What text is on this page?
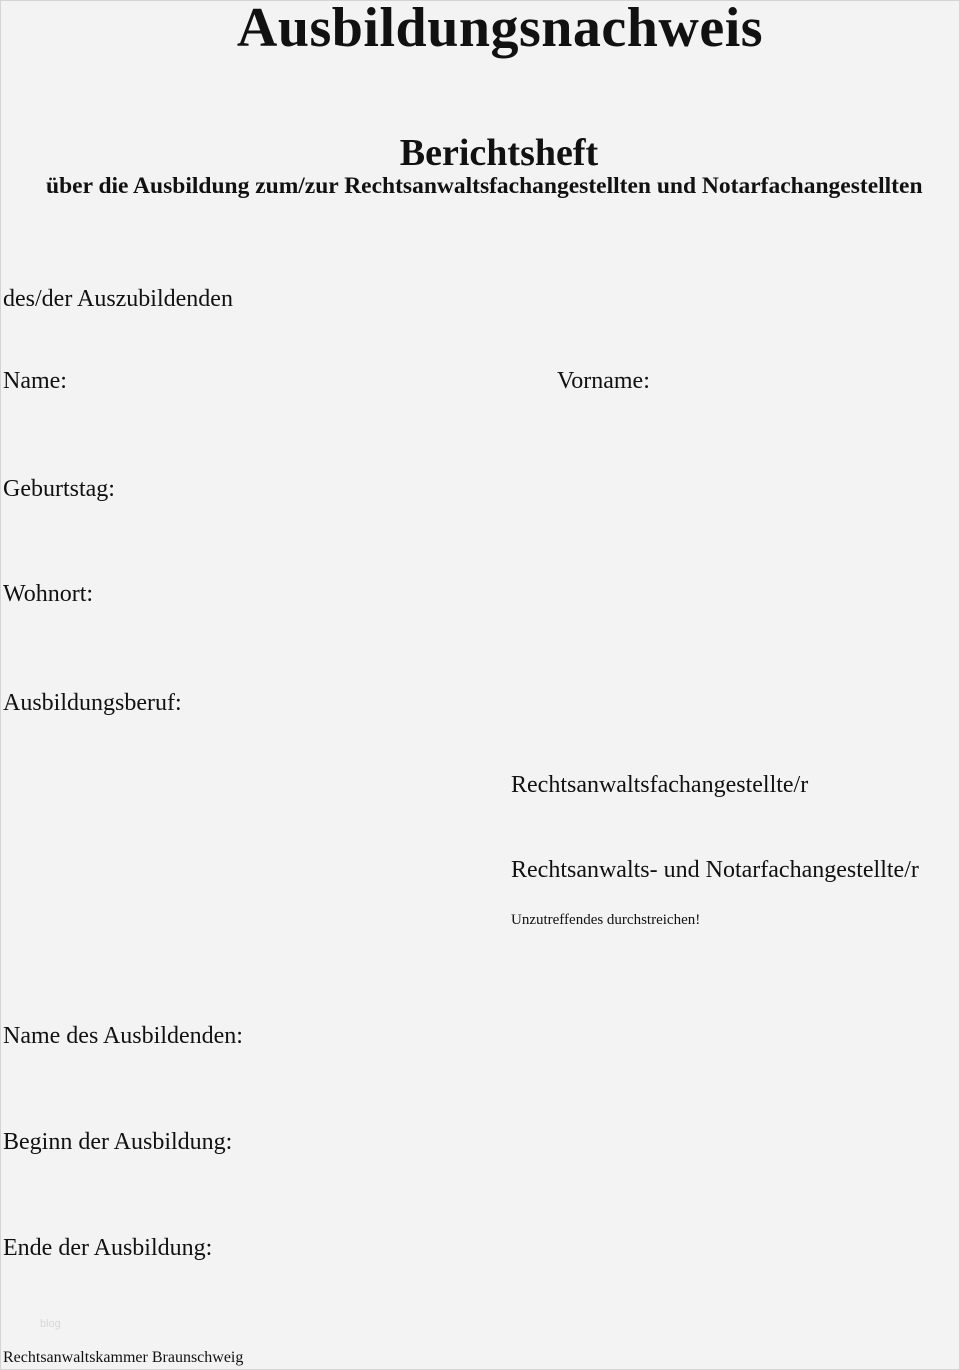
Ausbildungsnachweis
Berichtsheft
über die Ausbildung zum/zur Rechtsanwaltsfachangestellten und Notarfachangestellten
des/der Auszubildenden
Name:	Vorname:
Geburtstag:
Wohnort:
Ausbildungsberuf:
Rechtsanwaltsfachangestellte/r
Rechtsanwalts- und Notarfachangestellte/r
Unzutreffendes durchstreichen!
Name des Ausbildenden:
Beginn der Ausbildung:
Ende der Ausbildung:
blog
Rechtsanwaltskammer Braunschweig
